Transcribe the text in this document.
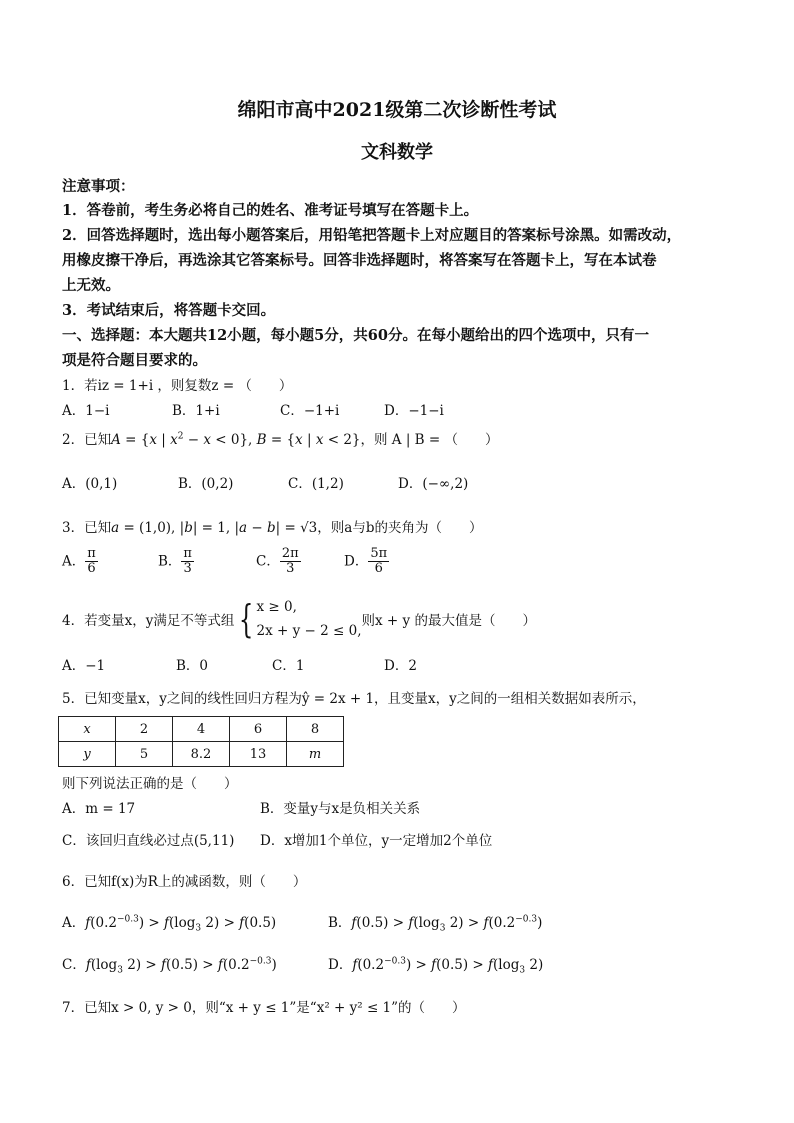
绵阳市高中2021级第二次诊断性考试
文科数学
注意事项：
1．答卷前，考生务必将自己的姓名、准考证号填写在答题卡上。
2．回答选择题时，选出每小题答案后，用铅笔把答题卡上对应题目的答案标号涂黑。如需改动，
用橡皮擦干净后，再选涂其它答案标号。回答非选择题时，将答案写在答题卡上，写在本试卷
上无效。
3．考试结束后，将答题卡交回。
一、选择题：本大题共12小题，每小题5分，共60分。在每小题给出的四个选项中，只有一
项是符合题目要求的。
1．若iz = 1+i ，则复数z = （　　）
A．1−i	B．1+i	C．−1+i	D．−1−i
2．已知A = {x | $x^2 - x < 0$}, B = {x | x < 2}，则 A | B = （　　）
A．(0,1)	B．(0,2)	C．(1,2)	D．(−∞,2)
3．已知a = (1,0), |b| = 1, |a − b| = √3，则a与b的夹角为（　　）
A． $\frac{\pi}{6}$	B． $\frac{\pi}{3}$	C． $\frac{2\pi}{3}$	D． $\frac{5\pi}{6}$
4．若变量x，y满足不等式组 { x ≥ 0,
2x + y − 2 ≤ 0,
则x + y 的最大值是（　　）
A．−1	B．0	C．1	D．2
5．已知变量x，y之间的线性回归方程为ŷ = 2x + 1，且变量x，y之间的一组相关数据如表所示，
x	2	4	6	8
y	5	8.2	13	m
则下列说法正确的是（　　）
A．m = 17	B．变量y与x是负相关关系
C．该回归直线必过点(5,11) D．x增加1个单位，y一定增加2个单位
6．已知f(x)为R上的减函数，则（　　）
A．$f(0.2^{-0.3}) > f(\log_3$ 2) > f(0.5)	B．$f(0.5) > f(\log_3$ $2) > f(0.2^{-0.3})$
C．$f(\log_3$ $2) > f(0.5) > f(0.2^{-0.3})$	D．$f(0.2^{-0.3}) > f(0.5) > f(\log_3$ 2)
7．已知x > 0, y > 0，则“x + y ≤ 1”是“x² + y² ≤ 1”的（　　）
